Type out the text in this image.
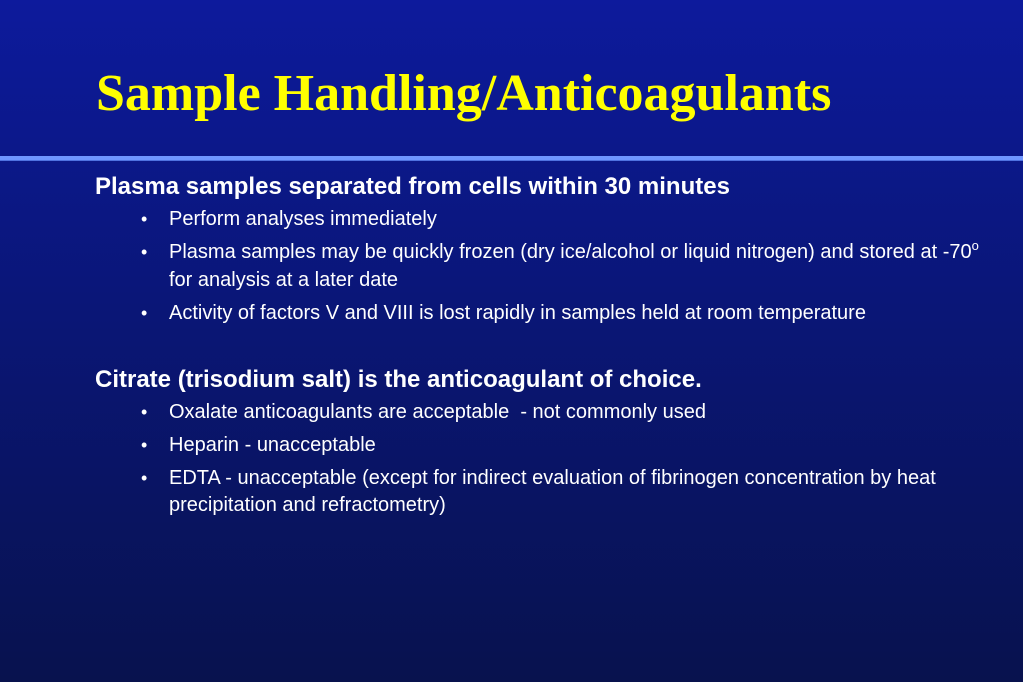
Sample Handling/Anticoagulants
Plasma samples separated from cells within 30 minutes
• Perform analyses immediately
• Plasma samples may be quickly frozen (dry ice/alcohol or liquid nitrogen) and stored at -70$^o$ for analysis at a later date
• Activity of factors V and VIII is lost rapidly in samples held at room temperature
Citrate (trisodium salt) is the anticoagulant of choice.
• Oxalate anticoagulants are acceptable  - not commonly used
• Heparin - unacceptable
• EDTA - unacceptable (except for indirect evaluation of fibrinogen concentration by heat precipitation and refractometry)
